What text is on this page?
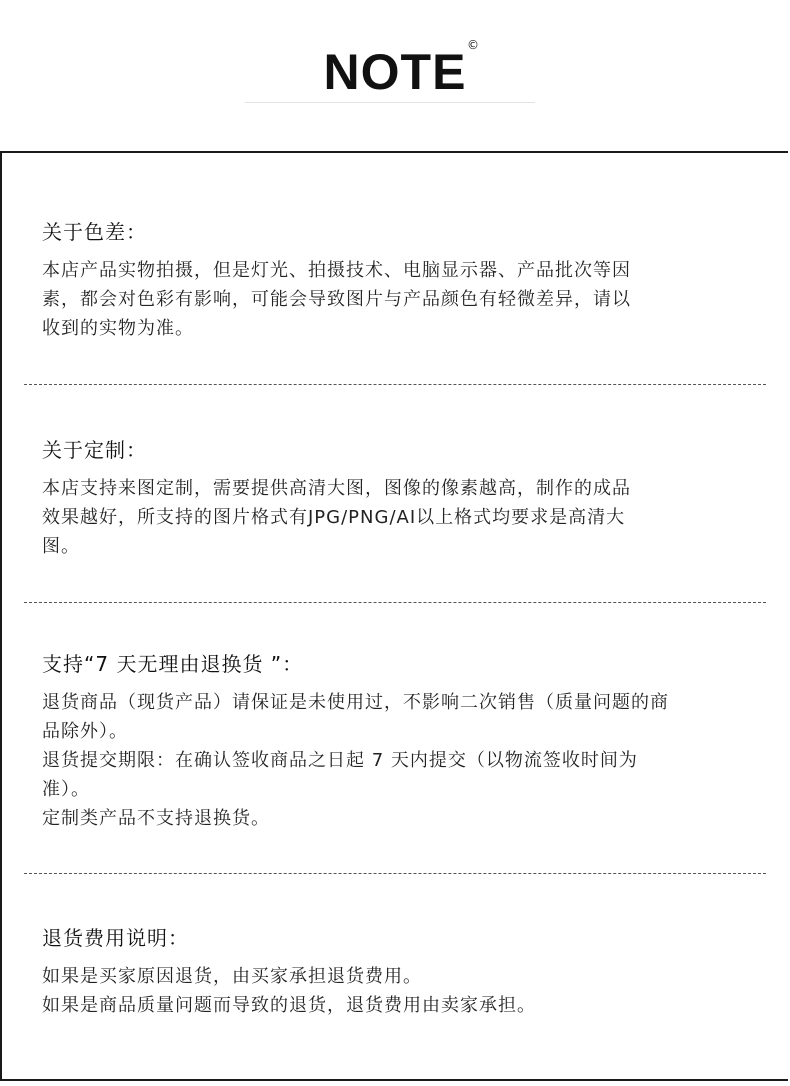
NOTE ©
关于色差：

本店产品实物拍摄，但是灯光、拍摄技术、电脑显示器、产品批次等因

素，都会对色彩有影响，可能会导致图片与产品颜色有轻微差异，请以

收到的实物为准。

关于定制：

本店支持来图定制，需要提供高清大图，图像的像素越高，制作的成品

效果越好，所支持的图片格式有JPG/PNG/AI以上格式均要求是高清大

图。

支持“7 天无理由退换货 ”：

退货商品（现货产品）请保证是未使用过，不影响二次销售（质量问题的商

品除外）。

退货提交期限：在确认签收商品之日起 7 天内提交（以物流签收时间为

准）。

定制类产品不支持退换货。

退货费用说明：

如果是买家原因退货，由买家承担退货费用。

如果是商品质量问题而导致的退货，退货费用由卖家承担。
